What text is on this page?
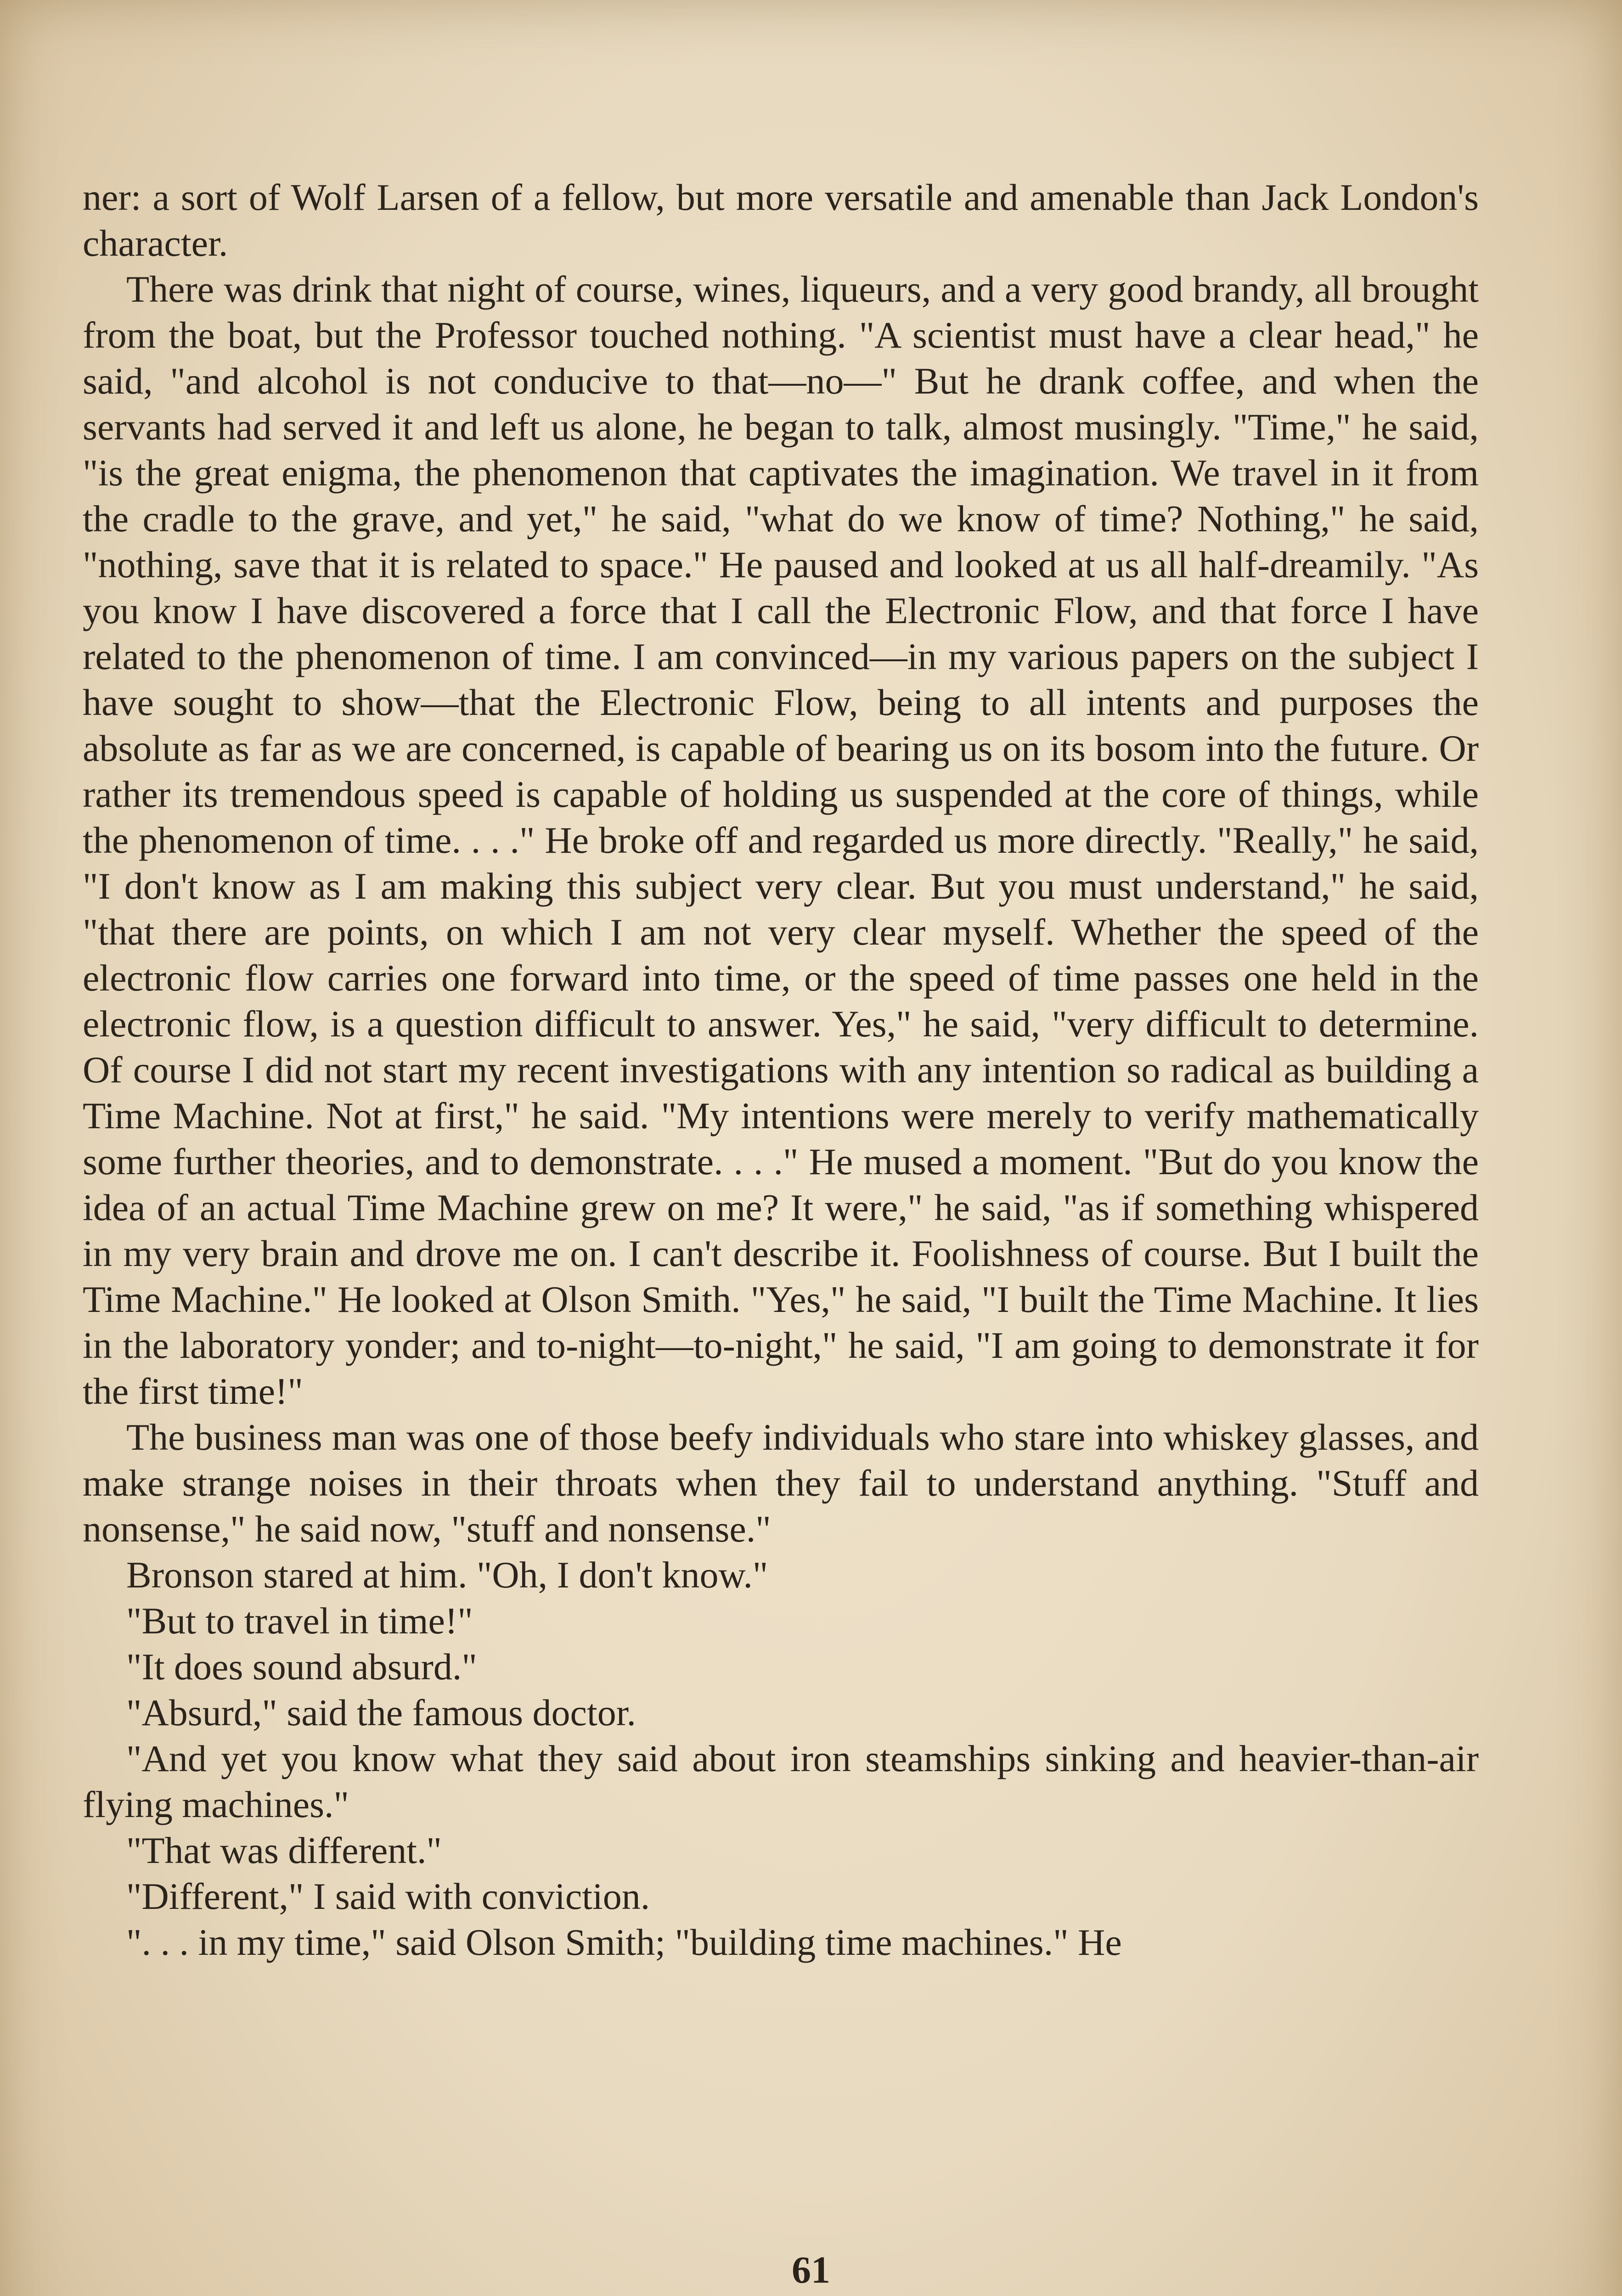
ner: a sort of Wolf Larsen of a fellow, but more versatile and amenable than Jack London's character.

There was drink that night of course, wines, liqueurs, and a very good brandy, all brought from the boat, but the Professor touched nothing. "A scientist must have a clear head," he said, "and alcohol is not conducive to that—no—" But he drank coffee, and when the servants had served it and left us alone, he began to talk, almost musingly. "Time," he said, "is the great enigma, the phenomenon that captivates the imagination. We travel in it from the cradle to the grave, and yet," he said, "what do we know of time? Nothing," he said, "nothing, save that it is related to space." He paused and looked at us all half-dreamily. "As you know I have discovered a force that I call the Electronic Flow, and that force I have related to the phenomenon of time. I am convinced—in my various papers on the subject I have sought to show—that the Electronic Flow, being to all intents and purposes the absolute as far as we are concerned, is capable of bearing us on its bosom into the future. Or rather its tremendous speed is capable of holding us suspended at the core of things, while the phenomenon of time. . . ." He broke off and regarded us more directly. "Really," he said, "I don't know as I am making this subject very clear. But you must understand," he said, "that there are points, on which I am not very clear myself. Whether the speed of the electronic flow carries one forward into time, or the speed of time passes one held in the electronic flow, is a question difficult to answer. Yes," he said, "very difficult to determine. Of course I did not start my recent investigations with any intention so radical as building a Time Machine. Not at first," he said. "My intentions were merely to verify mathematically some further theories, and to demonstrate. . . ." He mused a moment. "But do you know the idea of an actual Time Machine grew on me? It were," he said, "as if something whispered in my very brain and drove me on. I can't describe it. Foolishness of course. But I built the Time Machine." He looked at Olson Smith. "Yes," he said, "I built the Time Machine. It lies in the laboratory yonder; and to-night—to-night," he said, "I am going to demonstrate it for the first time!"

The business man was one of those beefy individuals who stare into whiskey glasses, and make strange noises in their throats when they fail to understand anything. "Stuff and nonsense," he said now, "stuff and nonsense."

Bronson stared at him. "Oh, I don't know."

"But to travel in time!"

"It does sound absurd."

"Absurd," said the famous doctor.

"And yet you know what they said about iron steamships sinking and heavier-than-air flying machines."

"That was different."

"Different," I said with conviction.

". . . in my time," said Olson Smith; "building time machines." He

61
